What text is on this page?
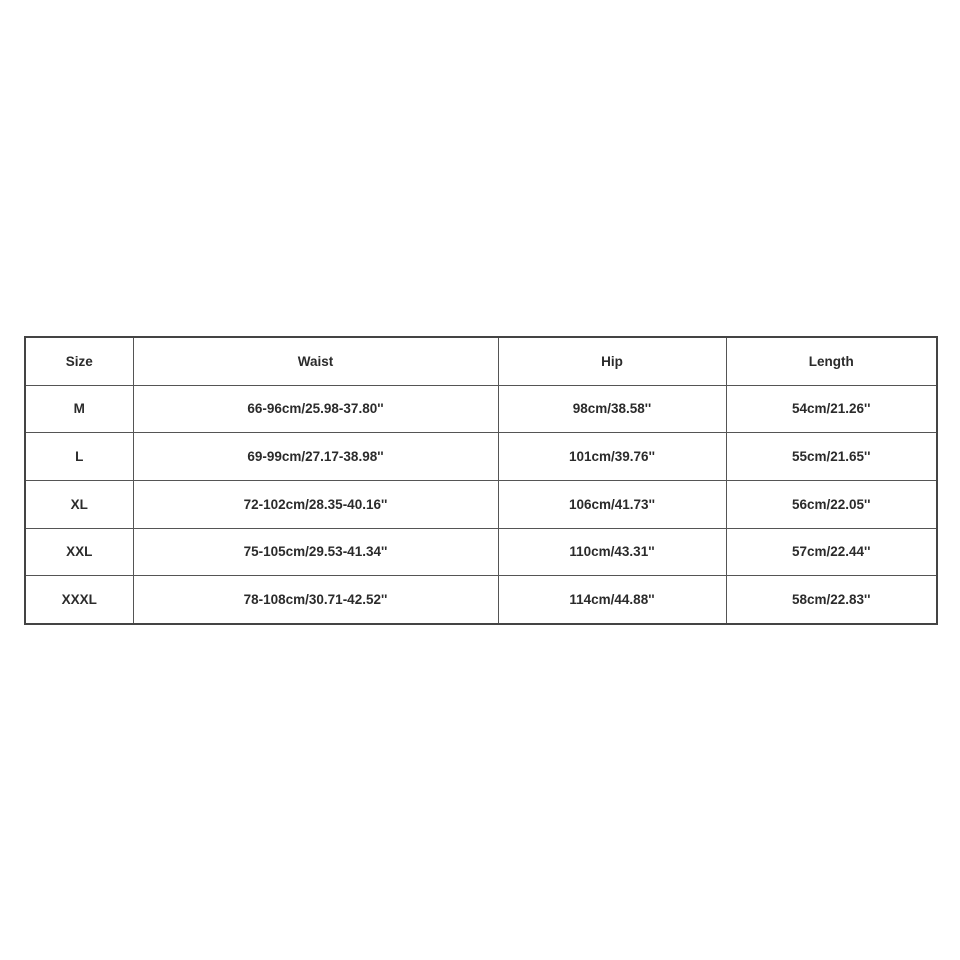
Size	Waist	Hip	Length
M	66-96cm/25.98-37.80''	98cm/38.58''	54cm/21.26''
L	69-99cm/27.17-38.98''	101cm/39.76''	55cm/21.65''
XL	72-102cm/28.35-40.16''	106cm/41.73''	56cm/22.05''
XXL	75-105cm/29.53-41.34''	110cm/43.31''	57cm/22.44''
XXXL	78-108cm/30.71-42.52''	114cm/44.88''	58cm/22.83''
